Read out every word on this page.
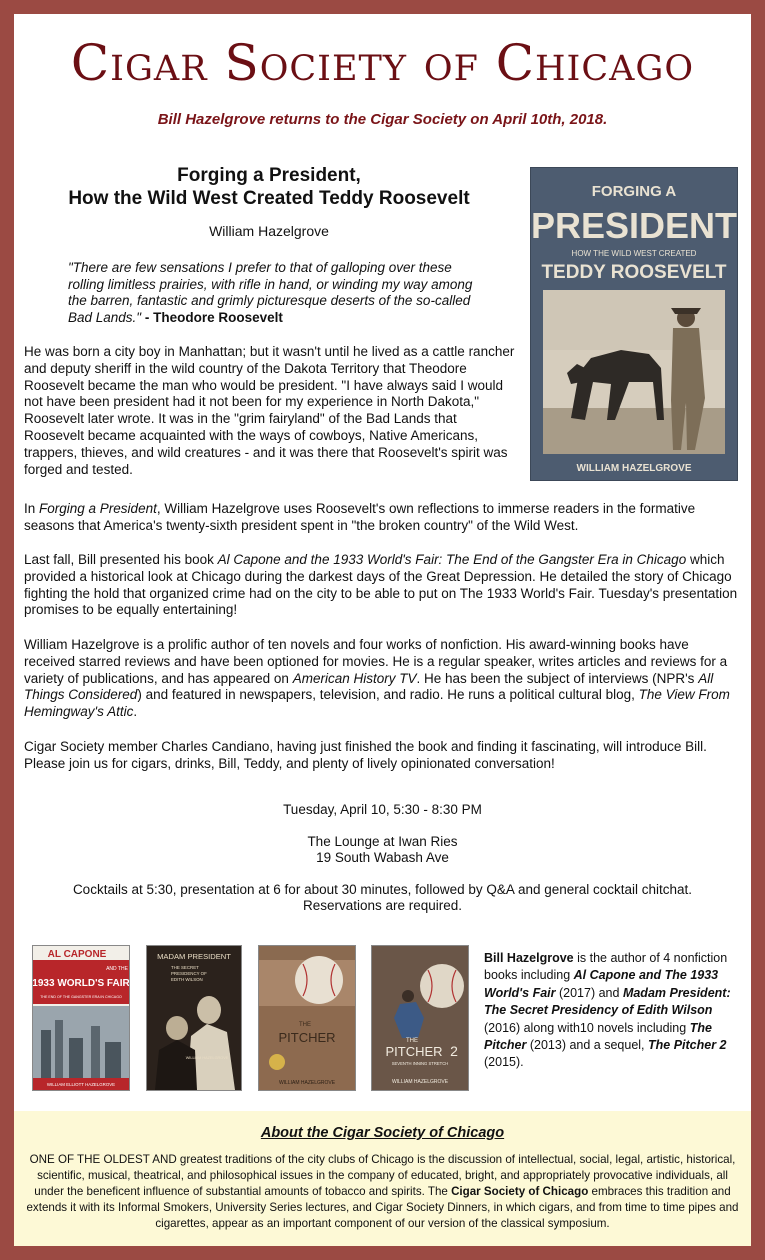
Cigar Society of Chicago
Bill Hazelgrove returns to the Cigar Society on April 10th, 2018.
Forging a President,
How the Wild West Created Teddy Roosevelt
William Hazelgrove
"There are few sensations I prefer to that of galloping over these rolling limitless prairies, with rifle in hand, or winding my way among the barren, fantastic and grimly picturesque deserts of the so-called Bad Lands." - Theodore Roosevelt
He was born a city boy in Manhattan; but it wasn't until he lived as a cattle rancher and deputy sheriff in the wild country of the Dakota Territory that Theodore Roosevelt became the man who would be president. "I have always said I would not have been president had it not been for my experience in North Dakota," Roosevelt later wrote. It was in the "grim fairyland" of the Bad Lands that Roosevelt became acquainted with the ways of cowboys, Native Americans, trappers, thieves, and wild creatures - and it was there that Roosevelt's spirit was forged and tested.
FORGING A
PRESIDENT
HOW THE WILD WEST CREATED
TEDDY ROOSEVELT
WILLIAM HAZELGROVE
In Forging a President, William Hazelgrove uses Roosevelt's own reflections to immerse readers in the formative seasons that America's twenty-sixth president spent in "the broken country" of the Wild West.
Last fall, Bill presented his book Al Capone and the 1933 World's Fair: The End of the Gangster Era in Chicago which provided a historical look at Chicago during the darkest days of the Great Depression. He detailed the story of Chicago fighting the hold that organized crime had on the city to be able to put on The 1933 World's Fair. Tuesday's presentation promises to be equally entertaining!
William Hazelgrove is a prolific author of ten novels and four works of nonfiction. His award-winning books have received starred reviews and have been optioned for movies. He is a regular speaker, writes articles and reviews for a variety of publications, and has appeared on American History TV. He has been the subject of interviews (NPR's All Things Considered) and featured in newspapers, television, and radio. He runs a political cultural blog, The View From Hemingway's Attic.
Cigar Society member Charles Candiano, having just finished the book and finding it fascinating, will introduce Bill. Please join us for cigars, drinks, Bill, Teddy, and plenty of lively opinionated conversation!
Tuesday, April 10, 5:30 - 8:30 PM
The Lounge at Iwan Ries
19 South Wabash Ave
Cocktails at 5:30, presentation at 6 for about 30 minutes, followed by Q&A and general cocktail chitchat.
Reservations are required.
AL CAPONE
AND THE
1933 WORLD'S FAIR
THE END OF THE GANGSTER ERA IN CHICAGO
WILLIAM ELLIOTT HAZELGROVE
MADAM PRESIDENT
THE SECRET
PRESIDENCY OF
EDITH WILSON
WILLIAM HAZELGROVE
THE
PITCHER
WILLIAM HAZELGROVE
THE
PITCHER 2
SEVENTH INNING STRETCH
WILLIAM HAZELGROVE
Bill Hazelgrove is the author of 4 nonfiction books including Al Capone and The 1933 World's Fair (2017) and Madam President: The Secret Presidency of Edith Wilson (2016) along with10 novels including The Pitcher (2013) and a sequel, The Pitcher 2 (2015).
About the Cigar Society of Chicago
ONE OF THE OLDEST AND greatest traditions of the city clubs of Chicago is the discussion of intellectual, social, legal, artistic, historical, scientific, musical, theatrical, and philosophical issues in the company of educated, bright, and appropriately provocative individuals, all under the beneficent influence of substantial amounts of tobacco and spirits. The Cigar Society of Chicago embraces this tradition and extends it with its Informal Smokers, University Series lectures, and Cigar Society Dinners, in which cigars, and from time to time pipes and cigarettes, appear as an important component of our version of the classical symposium.
